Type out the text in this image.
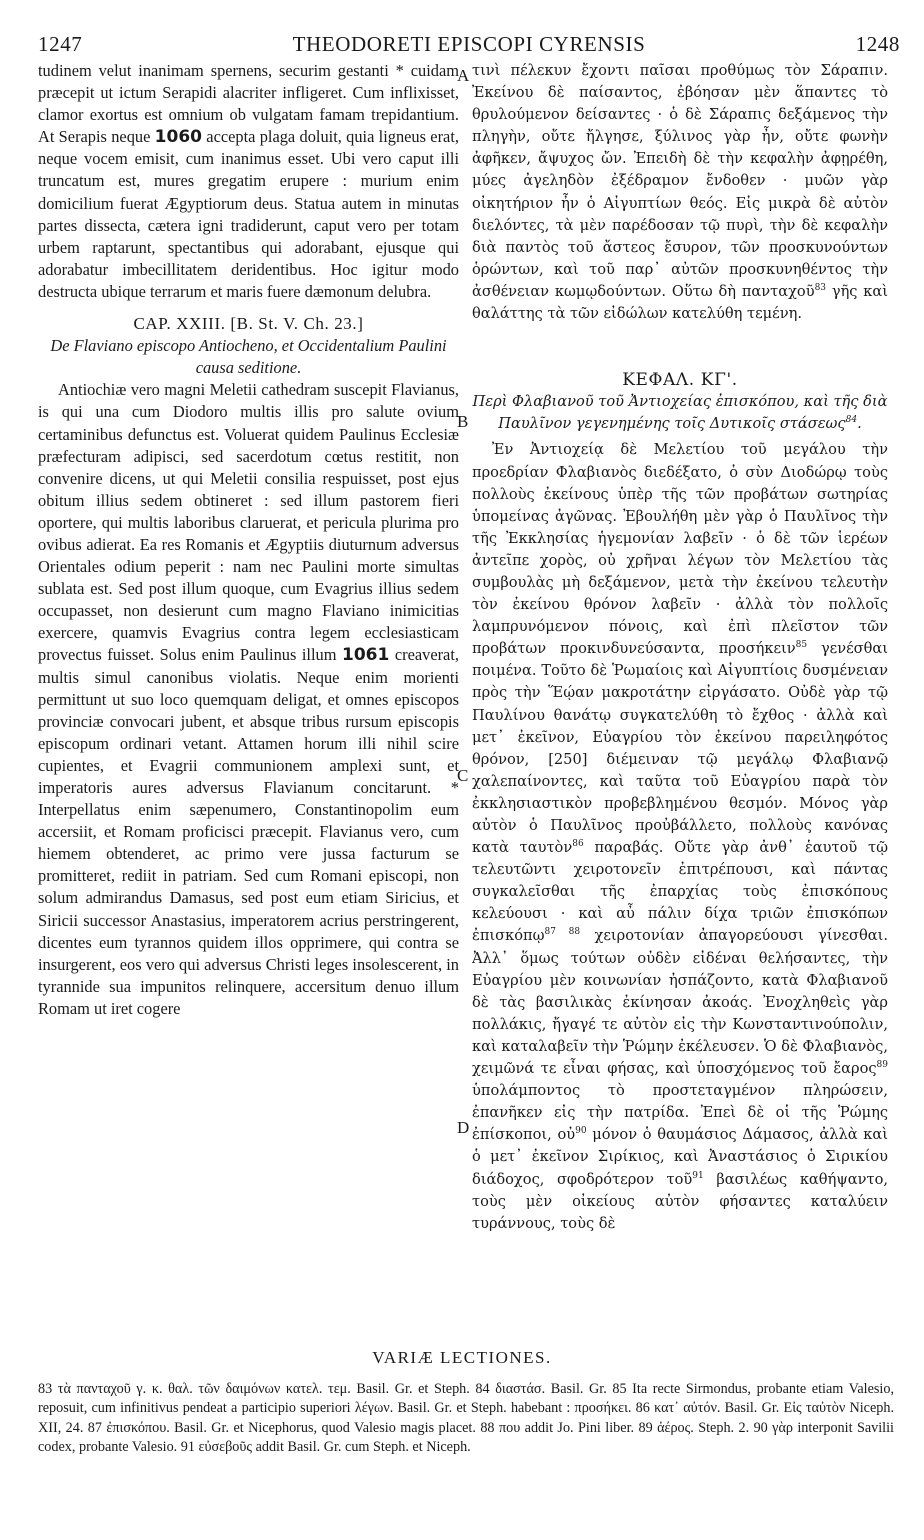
1247	THEODORETI EPISCOPI CYRENSIS	1248

tudinem velut inanimam spernens, securim gestanti * cuidam præcepit ut ictum Serapidi alacriter infligeret. Cum inflixisset, clamor exortus est omnium ob vulgatam famam trepidantium. At Serapis neque 1060 accepta plaga doluit, quia ligneus erat, neque vocem emisit, cum inanimus esset. Ubi vero caput illi truncatum est, mures gregatim erupere : murium enim domicilium fuerat Ægyptiorum deus. Statua autem in minutas partes dissecta, cætera igni tradiderunt, caput vero per totam urbem raptarunt, spectantibus qui adorabant, ejusque qui adorabatur imbecillitatem deridentibus. Hoc igitur modo destructa ubique terrarum et maris fuere dæmonum delubra.

CAP. XXIII. [B. St. V. Ch. 23.]

De Flaviano episcopo Antiocheno, et Occidentalium Paulini causa seditione.

Antiochiæ vero magni Meletii cathedram suscepit Flavianus, is qui una cum Diodoro multis illis pro salute ovium certaminibus defunctus est. Voluerat quidem Paulinus Ecclesiæ præfecturam adipisci, sed sacerdotum cœtus restitit, non convenire dicens, ut qui Meletii consilia respuisset, post ejus obitum illius sedem obtineret : sed illum pastorem fieri oportere, qui multis laboribus claruerat, et pericula plurima pro ovibus adierat. Ea res Romanis et Ægyptiis diuturnum adversus Orientales odium peperit : nam nec Paulini morte simultas sublata est. Sed post illum quoque, cum Evagrius illius sedem occupasset, non desierunt cum magno Flaviano inimicitias exercere, quamvis Evagrius contra legem ecclesiasticam provectus fuisset. Solus enim Paulinus illum 1061 creaverat, multis simul canonibus violatis. Neque enim morienti permittunt ut suo loco quemquam deligat, et omnes episcopos provinciæ convocari jubent, et absque tribus rursum episcopis episcopum ordinari vetant. Attamen horum illi nihil scire cupientes, et Evagrii communionem amplexi sunt, et imperatoris aures adversus Flavianum concitarunt. * Interpellatus enim sæpenumero, Constantinopolim eum accersiit, et Romam proficisci præcepit. Flavianus vero, cum hiemem obtenderet, ac primo vere jussa facturum se promitteret, rediit in patriam. Sed cum Romani episcopi, non solum admirandus Damasus, sed post eum etiam Siricius, et Siricii successor Anastasius, imperatorem acrius perstringerent, dicentes eum tyrannos quidem illos opprimere, qui contra se insurgerent, eos vero qui adversus Christi leges insolescerent, in tyrannide sua impunitos relinquere, accersitum denuo illum Romam ut iret cogere

A
B
C
D

τινὶ πέλεκυν ἔχοντι παῖσαι προθύμως τὸν Σάραπιν. Ἐκείνου δὲ παίσαντος, ἐβόησαν μὲν ἅπαντες τὸ θρυλούμενον δείσαντες · ὁ δὲ Σάραπις δεξάμενος τὴν πληγὴν, οὔτε ἤλγησε, ξύλινος γὰρ ἦν, οὔτε φωνὴν ἀφῆκεν, ἄψυχος ὤν. Ἐπειδὴ δὲ τὴν κεφαλὴν ἀφῃρέθη, μύες ἀγεληδὸν ἐξέδραμον ἔνδοθεν · μυῶν γὰρ οἰκητήριον ἦν ὁ Αἰγυπτίων θεός. Εἰς μικρὰ δὲ αὐτὸν διελόντες, τὰ μὲν παρέδοσαν τῷ πυρὶ, τὴν δὲ κεφαλὴν διὰ παντὸς τοῦ ἄστεος ἔσυρον, τῶν προσκυνούντων ὁρώντων, καὶ τοῦ παρ᾽ αὐτῶν προσκυνηθέντος τὴν ἀσθένειαν κωμῳδούντων. Οὕτω δὴ πανταχοῦ$^{83}$ γῆς καὶ θαλάττης τὰ τῶν εἰδώλων κατελύθη τεμένη.

ΚΕΦΑΛ. ΚΓ'.

Περὶ Φλαβιανοῦ τοῦ Ἀντιοχείας ἐπισκόπου, καὶ τῆς διὰ Παυλῖνον γεγενημένης τοῖς Δυτικοῖς στάσεως$^{84}$.

Ἐν Ἀντιοχείᾳ δὲ Μελετίου τοῦ μεγάλου τὴν προεδρίαν Φλαβιανὸς διεδέξατο, ὁ σὺν Διοδώρῳ τοὺς πολλοὺς ἐκείνους ὑπὲρ τῆς τῶν προβάτων σωτηρίας ὑπομείνας ἀγῶνας. Ἐβουλήθη μὲν γὰρ ὁ Παυλῖνος τὴν τῆς Ἐκκλησίας ἡγεμονίαν λαβεῖν · ὁ δὲ τῶν ἱερέων ἀντεῖπε χορὸς, οὐ χρῆναι λέγων τὸν Μελετίου τὰς συμβουλὰς μὴ δεξάμενον, μετὰ τὴν ἐκείνου τελευτὴν τὸν ἐκείνου θρόνον λαβεῖν · ἀλλὰ τὸν πολλοῖς λαμπρυνόμενον πόνοις, καὶ ἐπὶ πλεῖστον τῶν προβάτων προκινδυνεύσαντα, προσήκειν$^{85}$ γενέσθαι ποιμένα. Τοῦτο δὲ Ῥωμαίοις καὶ Αἰγυπτίοις δυσμένειαν πρὸς τὴν Ἕῴαν μακροτάτην εἰργάσατο. Οὐδὲ γὰρ τῷ Παυλίνου θανάτῳ συγκατελύθη τὸ ἔχθος · ἀλλὰ καὶ μετ᾽ ἐκεῖνον, Εὐαγρίου τὸν ἐκείνου παρειληφότος θρόνον, [250] διέμειναν τῷ μεγάλῳ Φλαβιανῷ χαλεπαίνοντες, καὶ ταῦτα τοῦ Εὐαγρίου παρὰ τὸν ἐκκλησιαστικὸν προβεβλημένου θεσμόν. Μόνος γὰρ αὐτὸν ὁ Παυλῖνος προὐβάλλετο, πολλοὺς κανόνας κατὰ ταυτὸν$^{86}$ παραβάς. Οὔτε γὰρ ἀνθ᾽ ἑαυτοῦ τῷ τελευτῶντι χειροτονεῖν ἐπιτρέπουσι, καὶ πάντας συγκαλεῖσθαι τῆς ἐπαρχίας τοὺς ἐπισκόπους κελεύουσι · καὶ αὖ πάλιν δίχα τριῶν ἐπισκόπων ἐπισκόπῳ$^{87 88}$ χειροτονίαν ἀπαγορεύουσι γίνεσθαι. Ἀλλ᾽ ὅμως τούτων οὐδὲν εἰδέναι θελήσαντες, τὴν Εὐαγρίου μὲν κοινωνίαν ἠσπάζοντο, κατὰ Φλαβιανοῦ δὲ τὰς βασιλικὰς ἐκίνησαν ἀκοάς. Ἐνοχληθεὶς γὰρ πολλάκις, ἤγαγέ τε αὐτὸν εἰς τὴν Κωνσταντινούπολιν, καὶ καταλαβεῖν τὴν Ῥώμην ἐκέλευσεν. Ὁ δὲ Φλαβιανὸς, χειμῶνά τε εἶναι φήσας, καὶ ὑποσχόμενος τοῦ ἔαρος$^{89}$ ὑπολάμποντος τὸ προστεταγμένον πληρώσειν, ἐπανῆκεν εἰς τὴν πατρίδα. Ἐπεὶ δὲ οἱ τῆς Ῥώμης ἐπίσκοποι, οὐ$^{90}$ μόνον ὁ θαυμάσιος Δάμασος, ἀλλὰ καὶ ὁ μετ᾽ ἐκεῖνον Σιρίκιος, καὶ Ἀναστάσιος ὁ Σιρικίου διάδοχος, σφοδρότερον τοῦ$^{91}$ βασιλέως καθήψαντο, τοὺς μὲν οἰκείους αὐτὸν φήσαντες καταλύειν τυράννους, τοὺς δὲ

VARIÆ LECTIONES.
83 τὰ πανταχοῦ γ. κ. θαλ. τῶν δαιμόνων κατελ. τεμ. Basil. Gr. et Steph. 84 διαστάσ. Basil. Gr. 85 Ita recte Sirmondus, probante etiam Valesio, reposuit, cum infinitivus pendeat a participio superiori λέγων. Basil. Gr. et Steph. habebant : προσήκει. 86 κατ᾽ αὐτόν. Basil. Gr. Εἰς ταὐτὸν Niceph. XII, 24. 87 ἐπισκόπου. Basil. Gr. et Nicephorus, quod Valesio magis placet. 88 που addit Jo. Pini liber. 89 ἀέρος. Steph. 2. 90 γὰρ interponit Savilii codex, probante Valesio. 91 εὐσεβοῦς addit Basil. Gr. cum Steph. et Niceph.
